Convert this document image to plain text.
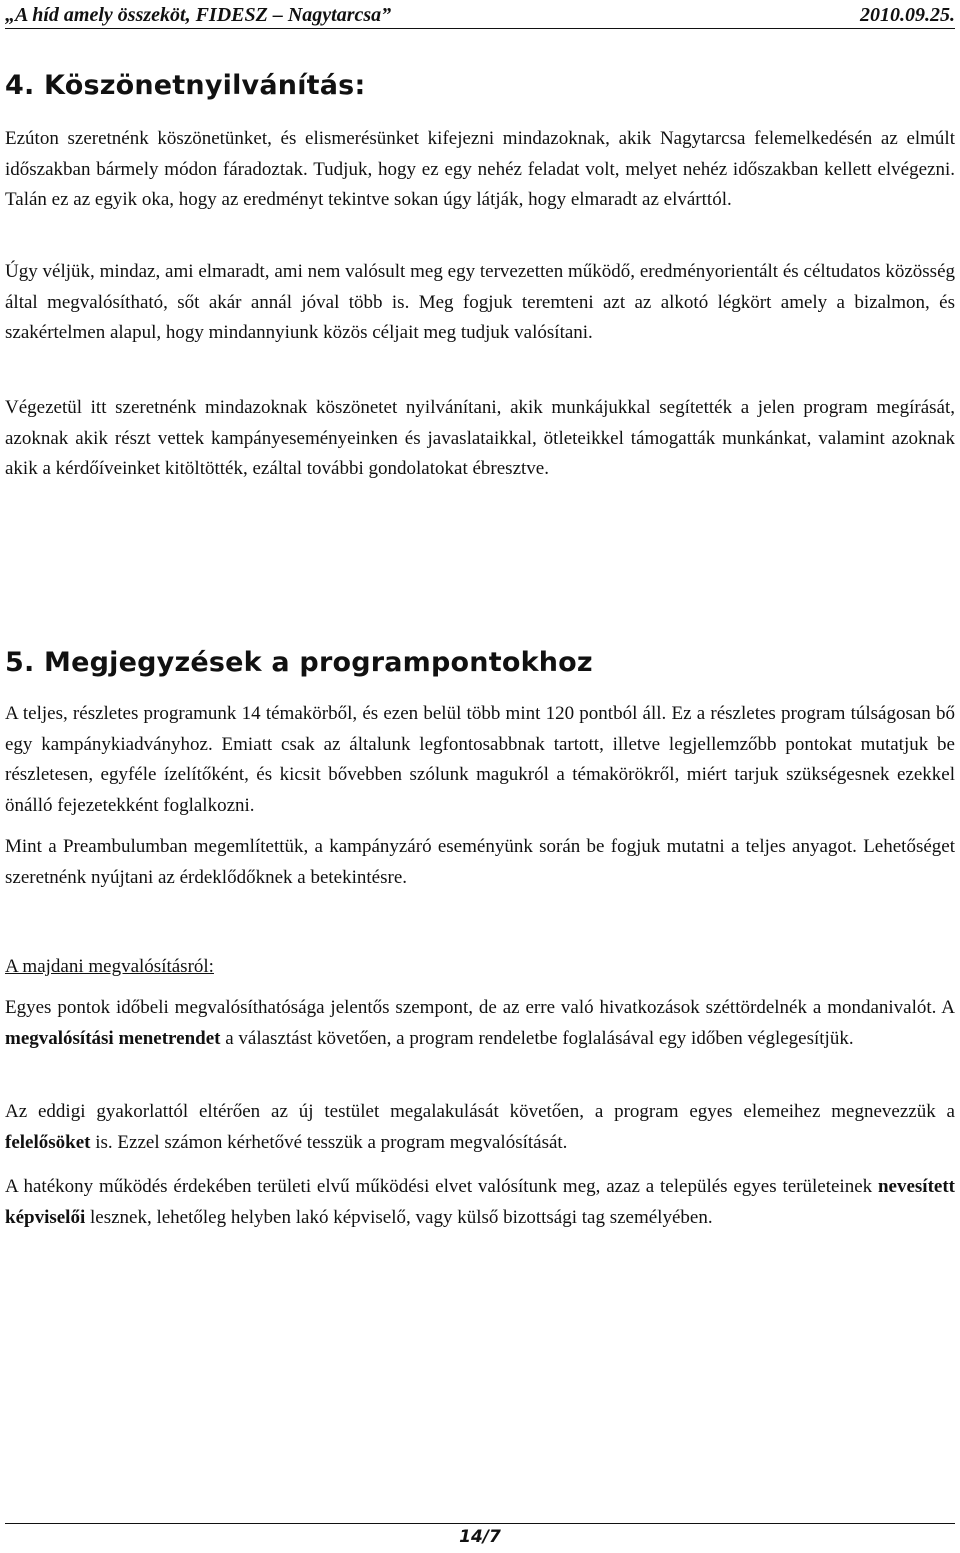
„A híd amely összeköt, FIDESZ – Nagytarcsa”	2010.09.25.
4. Köszönetnyilvánítás:

Ezúton szeretnénk köszönetünket, és elismerésünket kifejezni mindazoknak, akik Nagytarcsa felemelkedésén az elmúlt időszakban bármely módon fáradoztak. Tudjuk, hogy ez egy nehéz feladat volt, melyet nehéz időszakban kellett elvégezni. Talán ez az egyik oka, hogy az eredményt tekintve sokan úgy látják, hogy elmaradt az elvárttól.

Úgy véljük, mindaz, ami elmaradt, ami nem valósult meg egy tervezetten működő, eredményorientált és céltudatos közösség által megvalósítható, sőt akár annál jóval több is. Meg fogjuk teremteni azt az alkotó légkört amely a bizalmon, és szakértelmen alapul, hogy mindannyiunk közös céljait meg tudjuk valósítani.

Végezetül itt szeretnénk mindazoknak köszönetet nyilvánítani, akik munkájukkal segítették a jelen program megírását, azoknak akik részt vettek kampányeseményeinken és javaslataikkal, ötleteikkel támogatták munkánkat, valamint azoknak akik a kérdőíveinket kitöltötték, ezáltal további gondolatokat ébresztve.

5. Megjegyzések a programpontokhoz

A teljes, részletes programunk 14 témakörből, és ezen belül több mint 120 pontból áll. Ez a részletes program túlságosan bő egy kampánykiadványhoz. Emiatt csak az általunk legfontosabbnak tartott, illetve legjellemzőbb pontokat mutatjuk be részletesen, egyféle ízelítőként, és kicsit bővebben szólunk magukról a témakörökről, miért tarjuk szükségesnek ezekkel önálló fejezetekként foglalkozni.

Mint a Preambulumban megemlítettük, a kampányzáró eseményünk során be fogjuk mutatni a teljes anyagot. Lehetőséget szeretnénk nyújtani az érdeklődőknek a betekintésre.

A majdani megvalósításról:

Egyes pontok időbeli megvalósíthatósága jelentős szempont, de az erre való hivatkozások széttördelnék a mondanivalót. A megvalósítási menetrendet a választást követően, a program rendeletbe foglalásával egy időben véglegesítjük.

Az eddigi gyakorlattól eltérően az új testület megalakulását követően, a program egyes elemeihez megnevezzük a felelősöket is. Ezzel számon kérhetővé tesszük a program megvalósítását.

A hatékony működés érdekében területi elvű működési elvet valósítunk meg, azaz a település egyes területeinek nevesített képviselői lesznek, lehetőleg helyben lakó képviselő, vagy külső bizottsági tag személyében.

14/7
